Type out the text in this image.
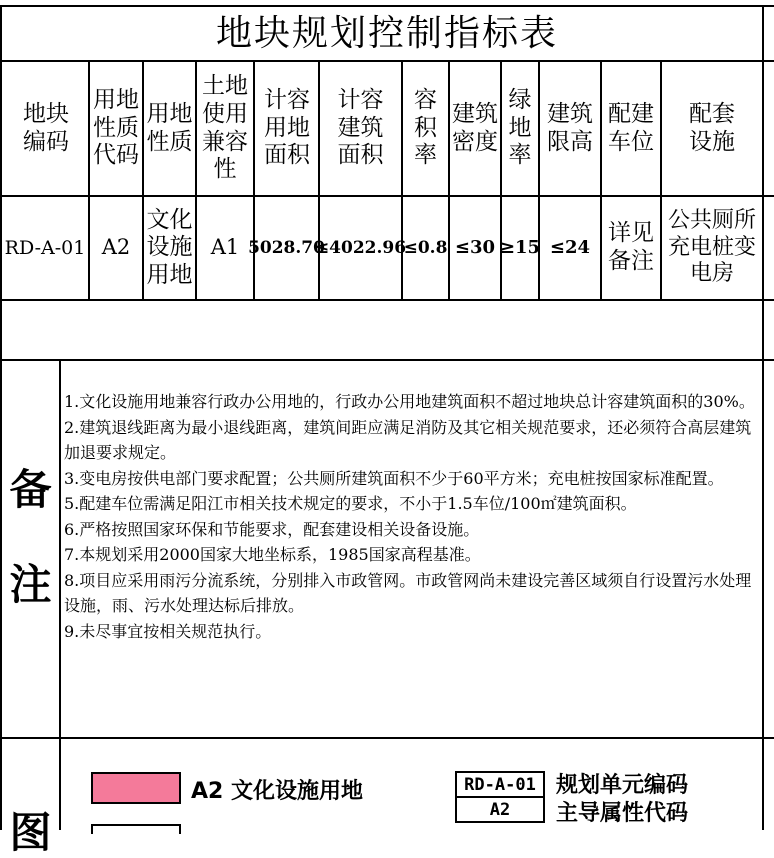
地块规划控制指标表
地块编码
用地性质代码
用地性质
土地使用兼容性
计容用地面积
计容建筑面积
容积率
建筑密度
绿地率
建筑限高
配建车位
配套设施
RD-A-01 A2
文化设施用地
A1 5028.70
≤4022.96
≤0.8 ≤30 ≥15 ≤24
详见备注
公共厕所充电桩变电房
备
注
1.文化设施用地兼容行政办公用地的，行政办公用地建筑面积不超过地块总计容建筑面积的30%。
2.建筑退线距离为最小退线距离，建筑间距应满足消防及其它相关规范要求，还必须符合高层建筑加退要求规定。
3.变电房按供电部门要求配置；公共厕所建筑面积不少于60平方米；充电桩按国家标准配置。
5.配建车位需满足阳江市相关技术规定的要求，不小于1.5车位/100㎡建筑面积。
6.严格按照国家环保和节能要求，配套建设相关设备设施。
7.本规划采用2000国家大地坐标系，1985国家高程基准。
8.项目应采用雨污分流系统，分别排入市政管网。市政管网尚未建设完善区域须自行设置污水处理设施，雨、污水处理达标后排放。
9.未尽事宜按相关规范执行。
图
A2 文化设施用地	RD-A-01
A2
规划单元编码
主导属性代码
